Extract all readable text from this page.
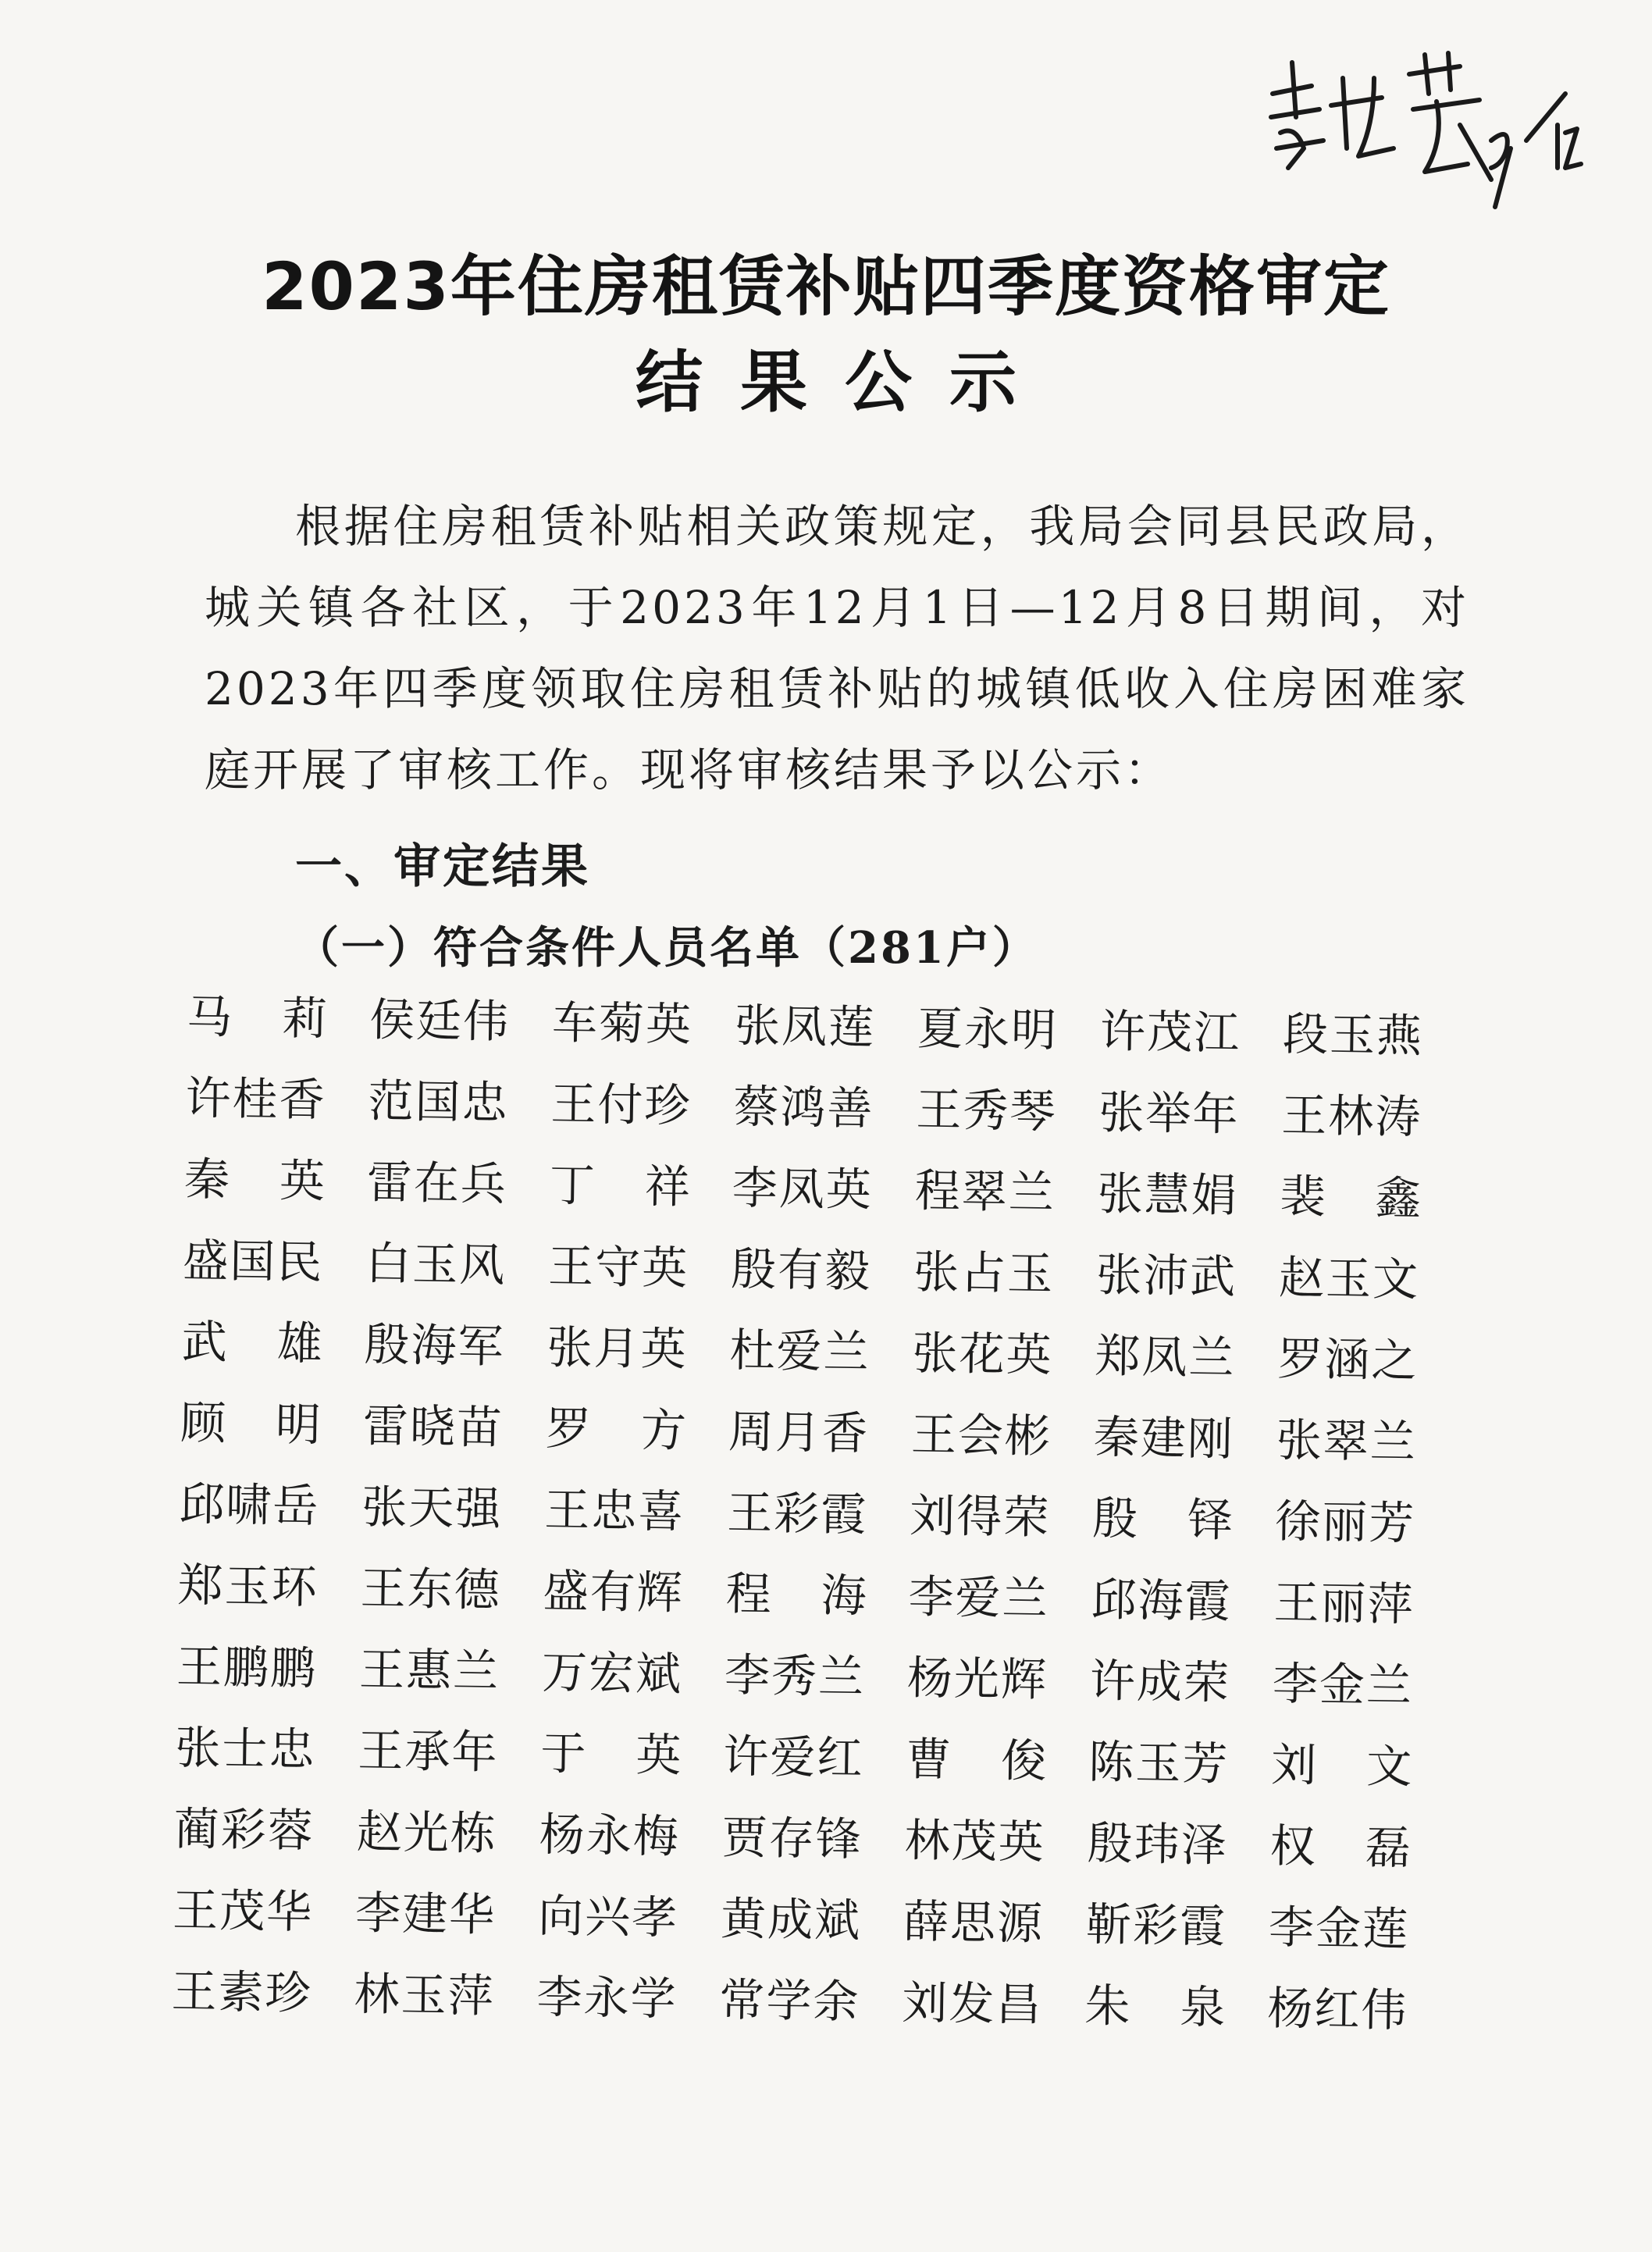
2023年住房租赁补贴四季度资格审定
结果公示

根据住房租赁补贴相关政策规定，我局会同县民政局，城关镇各社区，于2023年12月1日—12月8日期间，对2023年四季度领取住房租赁补贴的城镇低收入住房困难家庭开展了审核工作。现将审核结果予以公示：

一、审定结果
（一）符合条件人员名单（281户）
马莉
侯廷伟 车菊英 张凤莲 夏永明 许茂江 段玉燕
许桂香 范国忠 王付珍 蔡鸿善 王秀琴 张举年 王林涛
秦英
雷在兵 丁祥
李凤英 程翠兰 张慧娟 裴鑫
盛国民 白玉风 王守英 殷有毅 张占玉 张沛武 赵玉文
武雄
殷海军 张月英 杜爱兰 张花英 郑凤兰 罗涵之
顾明
雷晓苗 罗方
周月香 王会彬 秦建刚 张翠兰
邱啸岳 张天强 王忠喜 王彩霞 刘得荣 殷铎
徐丽芳
郑玉环 王东德 盛有辉 程海
李爱兰 邱海霞 王丽萍
王鹏鹏 王惠兰 万宏斌 李秀兰 杨光辉 许成荣 李金兰
张士忠 王承年 于英
许爱红 曹俊
陈玉芳 刘文
蔺彩蓉 赵光栋 杨永梅 贾存锋 林茂英 殷玮泽 权磊
王茂华 李建华 向兴孝 黄成斌 薛思源 靳彩霞 李金莲
王素珍 林玉萍 李永学 常学余 刘发昌 朱泉
杨红伟
